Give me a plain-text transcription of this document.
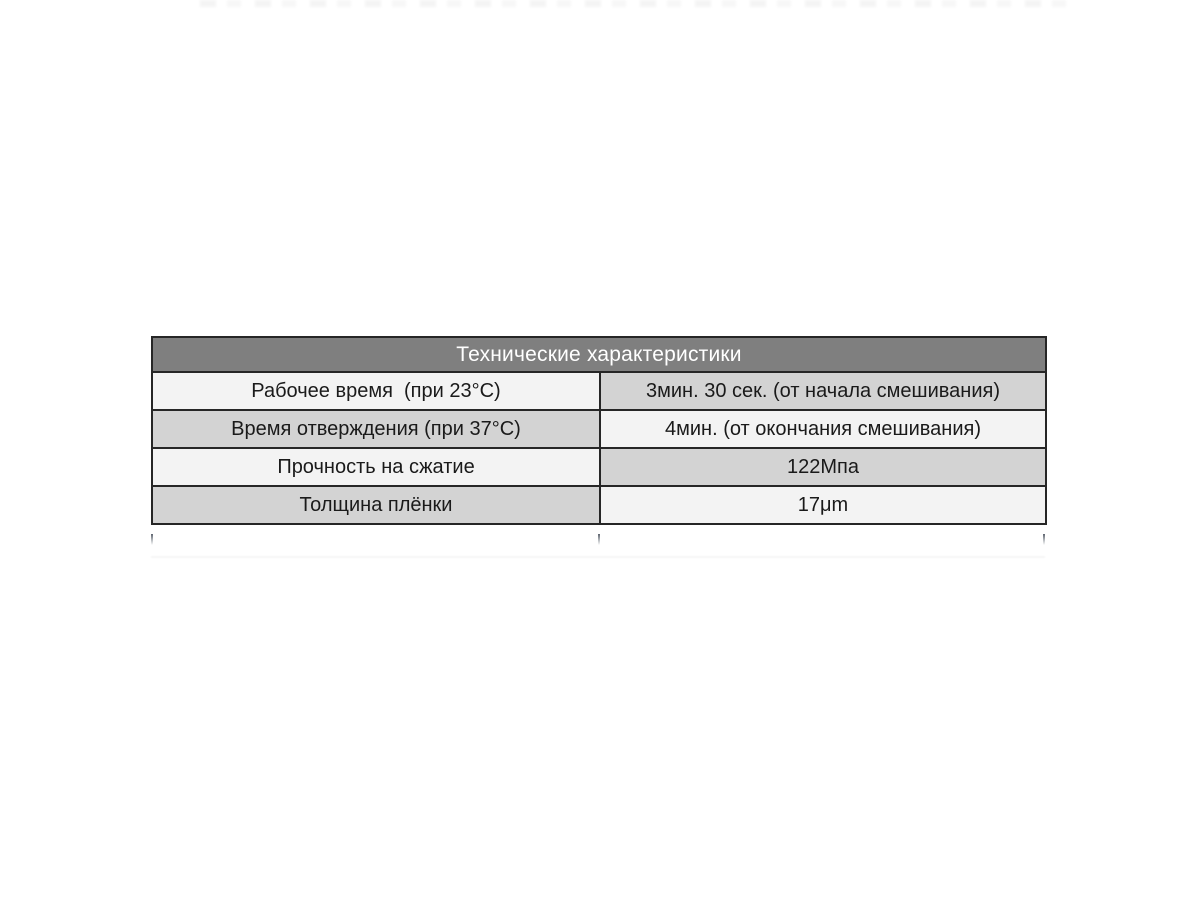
Технические характеристики	
Рабочее время  (при 23°C)	3мин. 30 сек. (от начала смешивания)
Время отверждения (при 37°C)	4мин. (от окончания смешивания)
Прочность на сжатие	122Мпа
Толщина плёнки	17μm
